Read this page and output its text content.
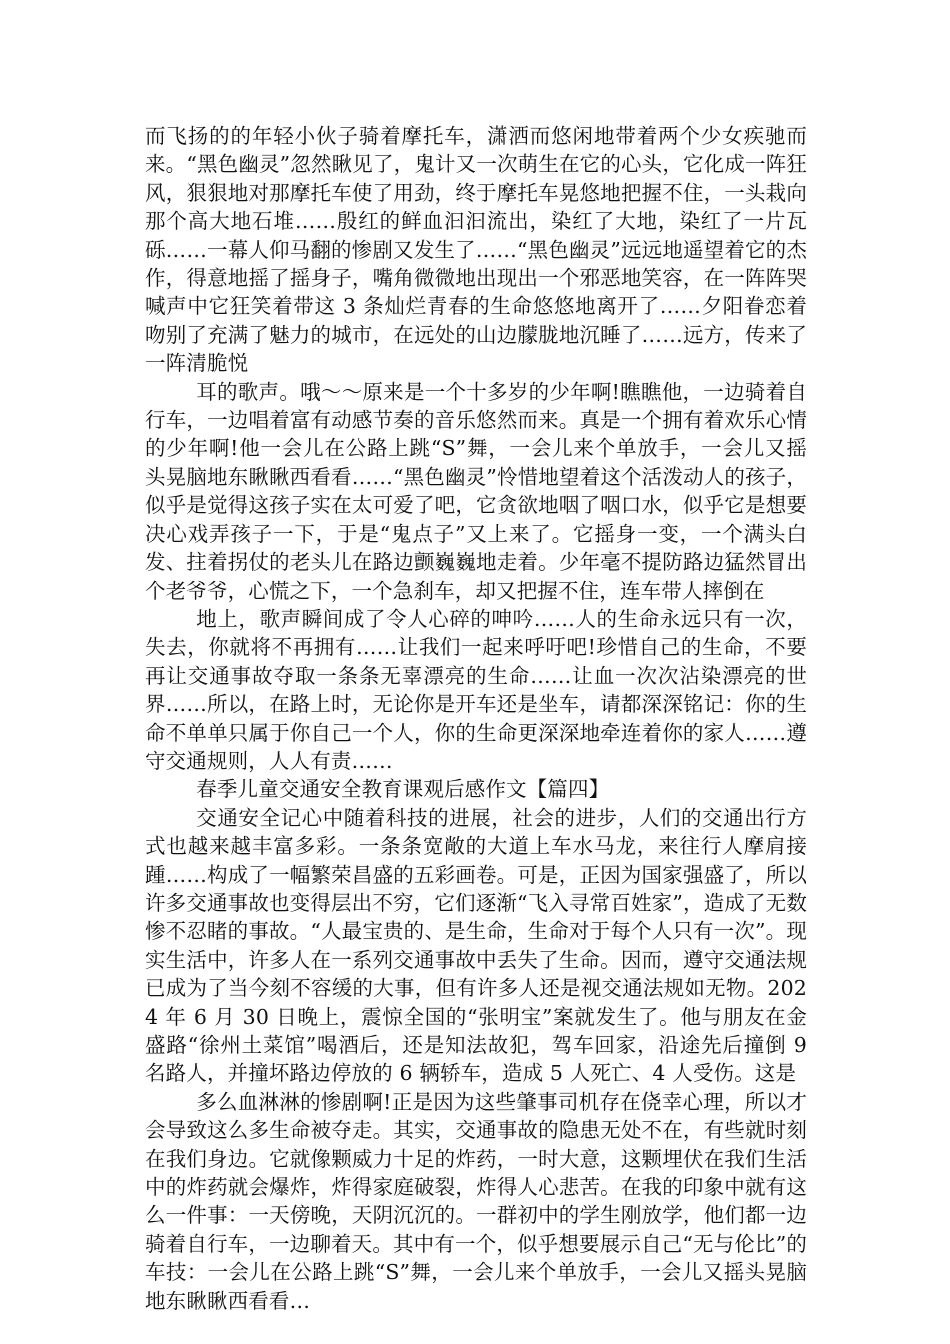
而飞扬的的年轻小伙子骑着摩托车，潇洒而悠闲地带着两个少女疾驰而来。“黑色幽灵”忽然瞅见了，鬼计又一次萌生在它的心头，它化成一阵狂风，狠狠地对那摩托车使了用劲，终于摩托车晃悠地把握不住，一头栽向那个高大地石堆……殷红的鲜血汩汩流出，染红了大地，染红了一片瓦砾……一幕人仰马翻的惨剧又发生了……“黑色幽灵”远远地遥望着它的杰作，得意地摇了摇身子，嘴角微微地出现出一个邪恶地笑容，在一阵阵哭喊声中它狂笑着带这 3 条灿烂青春的生命悠悠地离开了……夕阳眷恋着吻别了充满了魅力的城市，在远处的山边朦胧地沉睡了……远方，传来了一阵清脆悦

耳的歌声。哦～～原来是一个十多岁的少年啊!瞧瞧他，一边骑着自行车，一边唱着富有动感节奏的音乐悠然而来。真是一个拥有着欢乐心情的少年啊!他一会儿在公路上跳“S”舞，一会儿来个单放手，一会儿又摇头晃脑地东瞅瞅西看看……“黑色幽灵”怜惜地望着这个活泼动人的孩子，似乎是觉得这孩子实在太可爱了吧，它贪欲地咽了咽口水，似乎它是想要决心戏弄孩子一下，于是“鬼点子”又上来了。它摇身一变，一个满头白发、拄着拐仗的老头儿在路边颤巍巍地走着。少年毫不提防路边猛然冒出个老爷爷，心慌之下，一个急刹车，却又把握不住，连车带人摔倒在

地上，歌声瞬间成了令人心碎的呻吟……人的生命永远只有一次，失去，你就将不再拥有……让我们一起来呼吁吧!珍惜自己的生命，不要再让交通事故夺取一条条无辜漂亮的生命……让血一次次沾染漂亮的世界……所以，在路上时，无论你是开车还是坐车，请都深深铭记：你的生命不单单只属于你自己一个人，你的生命更深深地牵连着你的家人……遵守交通规则，人人有责……

春季儿童交通安全教育课观后感作文【篇四】

交通安全记心中随着科技的进展，社会的进步，人们的交通出行方式也越来越丰富多彩。一条条宽敞的大道上车水马龙，来往行人摩肩接踵……构成了一幅繁荣昌盛的五彩画卷。可是，正因为国家强盛了，所以许多交通事故也变得层出不穷，它们逐渐“飞入寻常百姓家”，造成了无数惨不忍睹的事故。“人最宝贵的、是生命，生命对于每个人只有一次”。现实生活中，许多人在一系列交通事故中丢失了生命。因而，遵守交通法规已成为了当今刻不容缓的大事，但有许多人还是视交通法规如无物。2024 年 6 月 30 日晚上，震惊全国的“张明宝”案就发生了。他与朋友在金盛路“徐州土菜馆”喝酒后，还是知法故犯，驾车回家，沿途先后撞倒 9 名路人，并撞坏路边停放的 6 辆轿车，造成 5 人死亡、4 人受伤。这是

多么血淋淋的惨剧啊!正是因为这些肇事司机存在侥幸心理，所以才会导致这么多生命被夺走。其实，交通事故的隐患无处不在，有些就时刻在我们身边。它就像颗威力十足的炸药，一时大意，这颗埋伏在我们生活中的炸药就会爆炸，炸得家庭破裂，炸得人心悲苦。在我的印象中就有这么一件事：一天傍晚，天阴沉沉的。一群初中的学生刚放学，他们都一边骑着自行车，一边聊着天。其中有一个，似乎想要展示自己“无与伦比”的车技：一会儿在公路上跳“S”舞，一会儿来个单放手，一会儿又摇头晃脑地东瞅瞅西看看…
